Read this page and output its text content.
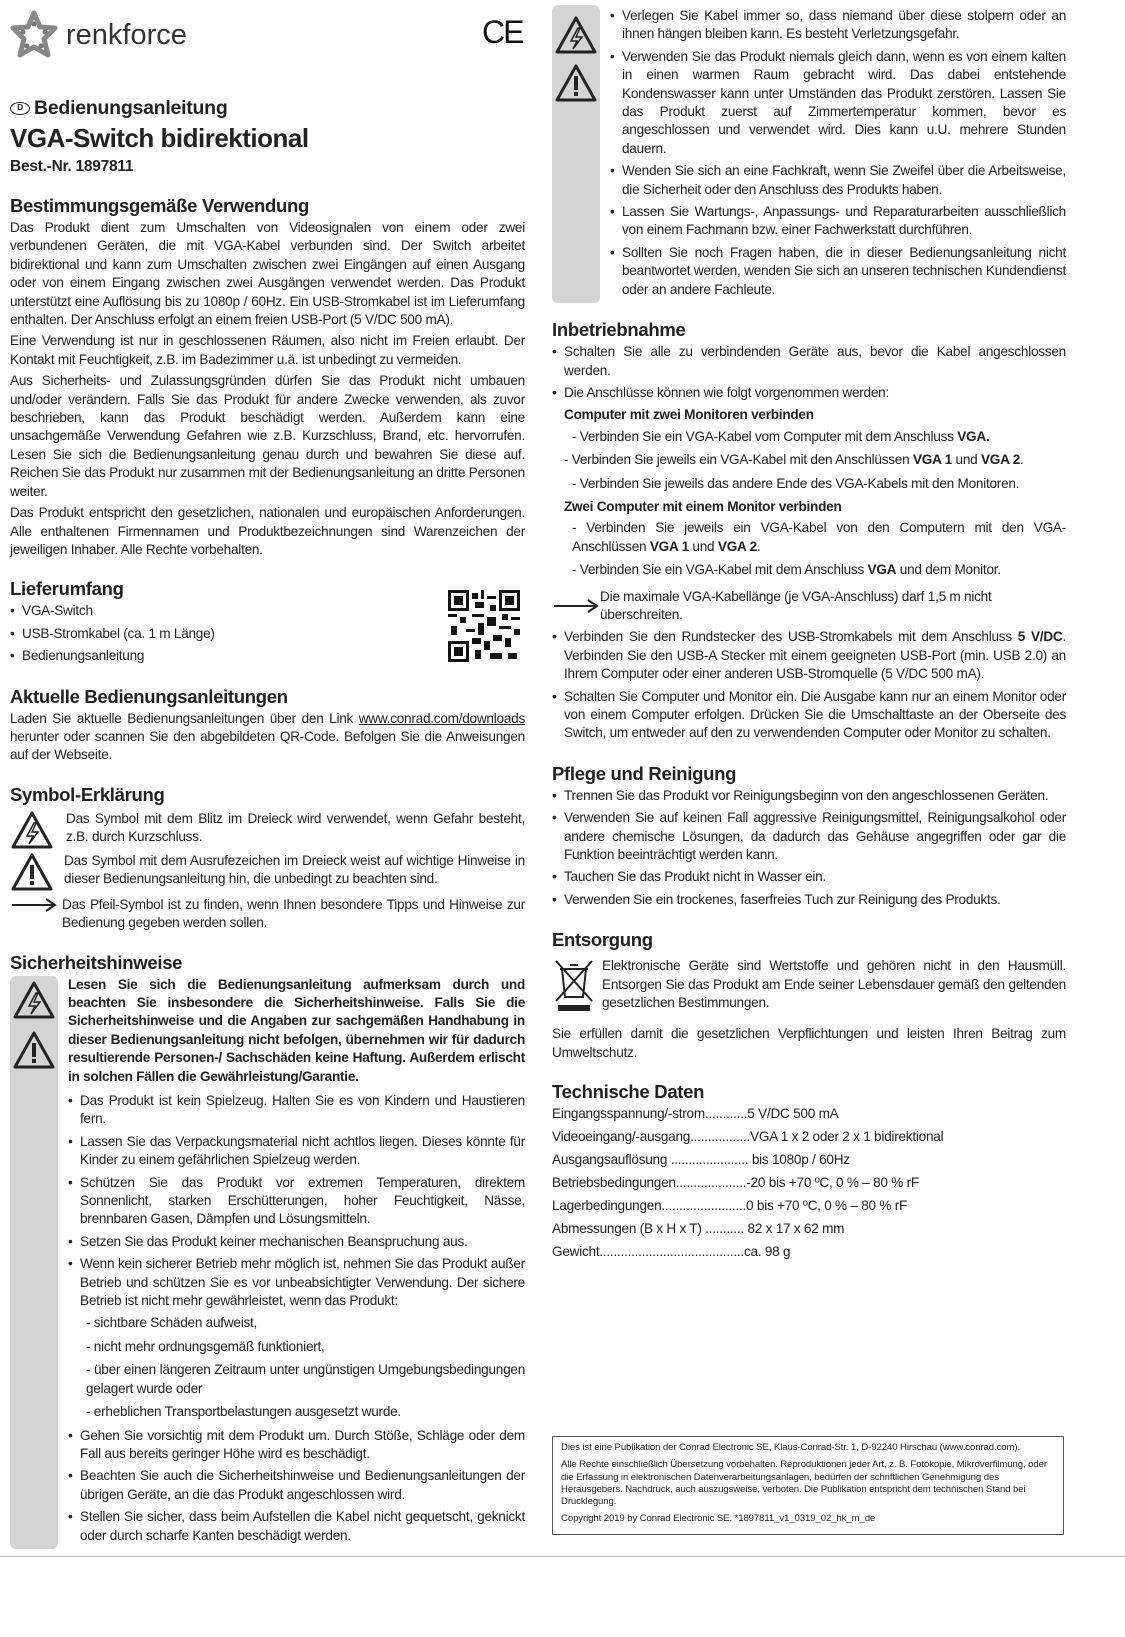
renkforce	CE
D Bedienungsanleitung
VGA-Switch bidirektional
Best.-Nr. 1897811
Bestimmungsgemäße Verwendung

Das Produkt dient zum Umschalten von Videosignalen von einem oder zwei verbundenen Geräten, die mit VGA-Kabel verbunden sind. Der Switch arbeitet bidirektional und kann zum Umschalten zwischen zwei Eingängen auf einen Ausgang oder von einem Eingang zwischen zwei Ausgängen verwendet werden. Das Produkt unterstützt eine Auflösung bis zu 1080p / 60Hz. Ein USB-Stromkabel ist im Lieferumfang enthalten. Der Anschluss erfolgt an einem freien USB-Port (5 V/DC 500 mA).

Eine Verwendung ist nur in geschlossenen Räumen, also nicht im Freien erlaubt. Der Kontakt mit Feuchtigkeit, z.B. im Badezimmer u.ä. ist unbedingt zu vermeiden.

Aus Sicherheits- und Zulassungsgründen dürfen Sie das Produkt nicht umbauen und/oder verändern. Falls Sie das Produkt für andere Zwecke verwenden, als zuvor beschrieben, kann das Produkt beschädigt werden. Außerdem kann eine unsachgemäße Verwendung Gefahren wie z.B. Kurzschluss, Brand, etc. hervorrufen. Lesen Sie sich die Bedienungsanleitung genau durch und bewahren Sie diese auf. Reichen Sie das Produkt nur zusammen mit der Bedienungsanleitung an dritte Personen weiter.

Das Produkt entspricht den gesetzlichen, nationalen und europäischen Anforderungen. Alle enthaltenen Firmennamen und Produktbezeichnungen sind Warenzeichen der jeweiligen Inhaber. Alle Rechte vorbehalten.

Lieferumfang
• VGA-Switch
• USB-Stromkabel (ca. 1 m Länge)
• Bedienungsanleitung
Aktuelle Bedienungsanleitungen

Laden Sie aktuelle Bedienungsanleitungen über den Link www.conrad.com/downloads herunter oder scannen Sie den abgebildeten QR-Code. Befolgen Sie die Anweisungen auf der Webseite.

Symbol-Erklärung

Das Symbol mit dem Blitz im Dreieck wird verwendet, wenn Gefahr besteht, z.B. durch Kurzschluss.

Das Symbol mit dem Ausrufezeichen im Dreieck weist auf wichtige Hinweise in dieser Bedienungsanleitung hin, die unbedingt zu beachten sind.

Das Pfeil-Symbol ist zu finden, wenn Ihnen besondere Tipps und Hinweise zur Bedienung gegeben werden sollen.

Sicherheitshinweise

Lesen Sie sich die Bedienungsanleitung aufmerksam durch und beachten Sie insbesondere die Sicherheitshinweise. Falls Sie die Sicherheitshinweise und die Angaben zur sachgemäßen Handhabung in dieser Bedienungsanleitung nicht befolgen, übernehmen wir für dadurch resultierende Personen-/ Sachschäden keine Haftung. Außerdem erlischt in solchen Fällen die Gewährleistung/Garantie.

• Das Produkt ist kein Spielzeug. Halten Sie es von Kindern und Haustieren fern.
• Lassen Sie das Verpackungsmaterial nicht achtlos liegen. Dieses könnte für Kinder zu einem gefährlichen Spielzeug werden.
• Schützen Sie das Produkt vor extremen Temperaturen, direktem Sonnenlicht, starken Erschütterungen, hoher Feuchtigkeit, Nässe, brennbaren Gasen, Dämpfen und Lösungsmitteln.
• Setzen Sie das Produkt keiner mechanischen Beanspruchung aus.
• Wenn kein sicherer Betrieb mehr möglich ist, nehmen Sie das Produkt außer Betrieb und schützen Sie es vor unbeabsichtigter Verwendung. Der sichere Betrieb ist nicht mehr gewährleistet, wenn das Produkt:

- sichtbare Schäden aufweist,

- nicht mehr ordnungsgemäß funktioniert,

- über einen längeren Zeitraum unter ungünstigen Umgebungsbedingungen gelagert wurde oder

- erheblichen Transportbelastungen ausgesetzt wurde.

• Gehen Sie vorsichtig mit dem Produkt um. Durch Stöße, Schläge oder dem Fall aus bereits geringer Höhe wird es beschädigt.
• Beachten Sie auch die Sicherheitshinweise und Bedienungsanleitungen der übrigen Geräte, an die das Produkt angeschlossen wird.
• Stellen Sie sicher, dass beim Aufstellen die Kabel nicht gequetscht, geknickt oder durch scharfe Kanten beschädigt werden.
• Verlegen Sie Kabel immer so, dass niemand über diese stolpern oder an ihnen hängen bleiben kann. Es besteht Verletzungsgefahr.
• Verwenden Sie das Produkt niemals gleich dann, wenn es von einem kalten in einen warmen Raum gebracht wird. Das dabei entstehende Kondenswasser kann unter Umständen das Produkt zerstören. Lassen Sie das Produkt zuerst auf Zimmertemperatur kommen, bevor es angeschlossen und verwendet wird. Dies kann u.U. mehrere Stunden dauern.
• Wenden Sie sich an eine Fachkraft, wenn Sie Zweifel über die Arbeitsweise, die Sicherheit oder den Anschluss des Produkts haben.
• Lassen Sie Wartungs-, Anpassungs- und Reparaturarbeiten ausschließlich von einem Fachmann bzw. einer Fachwerkstatt durchführen.
• Sollten Sie noch Fragen haben, die in dieser Bedienungsanleitung nicht beantwortet werden, wenden Sie sich an unseren technischen Kundendienst oder an andere Fachleute.
Inbetriebnahme
• Schalten Sie alle zu verbindenden Geräte aus, bevor die Kabel angeschlossen werden.
• Die Anschlüsse können wie folgt vorgenommen werden:
Computer mit zwei Monitoren verbinden

- Verbinden Sie ein VGA-Kabel vom Computer mit dem Anschluss VGA.

- Verbinden Sie jeweils ein VGA-Kabel mit den Anschlüssen VGA 1 und VGA 2.

- Verbinden Sie jeweils das andere Ende des VGA-Kabels mit den Monitoren.

Zwei Computer mit einem Monitor verbinden

- Verbinden Sie jeweils ein VGA-Kabel von den Computern mit den VGA-Anschlüssen VGA 1 und VGA 2.

- Verbinden Sie ein VGA-Kabel mit dem Anschluss VGA und dem Monitor.

Die maximale VGA-Kabellänge (je VGA-Anschluss) darf 1,5 m nicht überschreiten.
• Verbinden Sie den Rundstecker des USB-Stromkabels mit dem Anschluss 5 V/DC. Verbinden Sie den USB-A Stecker mit einem geeigneten USB-Port (min. USB 2.0) an Ihrem Computer oder einer anderen USB-Stromquelle (5 V/DC 500 mA).
• Schalten Sie Computer und Monitor ein. Die Ausgabe kann nur an einem Monitor oder von einem Computer erfolgen. Drücken Sie die Umschalttaste an der Oberseite des Switch, um entweder auf den zu verwendenden Computer oder Monitor zu schalten.
Pflege und Reinigung
• Trennen Sie das Produkt vor Reinigungsbeginn von den angeschlossenen Geräten.
• Verwenden Sie auf keinen Fall aggressive Reinigungsmittel, Reinigungsalkohol oder andere chemische Lösungen, da dadurch das Gehäuse angegriffen oder gar die Funktion beeinträchtigt werden kann.
• Tauchen Sie das Produkt nicht in Wasser ein.
• Verwenden Sie ein trockenes, faserfreies Tuch zur Reinigung des Produkts.
Entsorgung

Elektronische Geräte sind Wertstoffe und gehören nicht in den Hausmüll. Entsorgen Sie das Produkt am Ende seiner Lebensdauer gemäß den geltenden gesetzlichen Bestimmungen.

Sie erfüllen damit die gesetzlichen Verpflichtungen und leisten Ihren Beitrag zum Umweltschutz.

Technische Daten
Eingangsspannung/-strom............ 5 V/DC 500 mA
Videoeingang/-ausgang................. VGA 1 x 2 oder 2 x 1 bidirektional
Ausgangsauflösung ...................... bis 1080p / 60Hz
Betriebsbedingungen.................... -20 bis +70 ºC, 0 % – 80 % rF
Lagerbedingungen........................ 0 bis +70 ºC, 0 % – 80 % rF
Abmessungen (B x H x T) ........... 82 x 17 x 62 mm
Gewicht......................................... ca. 98 g

Dies ist eine Publikation der Conrad Electronic SE, Klaus-Conrad-Str. 1, D-92240 Hirschau (www.conrad.com).

Alle Rechte einschließlich Übersetzung vorbehalten. Reproduktionen jeder Art, z. B. Fotokopie, Mikroverfilmung, oder die Erfassung in elektronischen Datenverarbeitungsanlagen, bedürfen der schriftlichen Genehmigung des Herausgebers. Nachdruck, auch auszugsweise, verboten. Die Publikation entspricht dem technischen Stand bei Drucklegung.

Copyright 2019 by Conrad Electronic SE. *1897811_v1_0319_02_hk_m_de
